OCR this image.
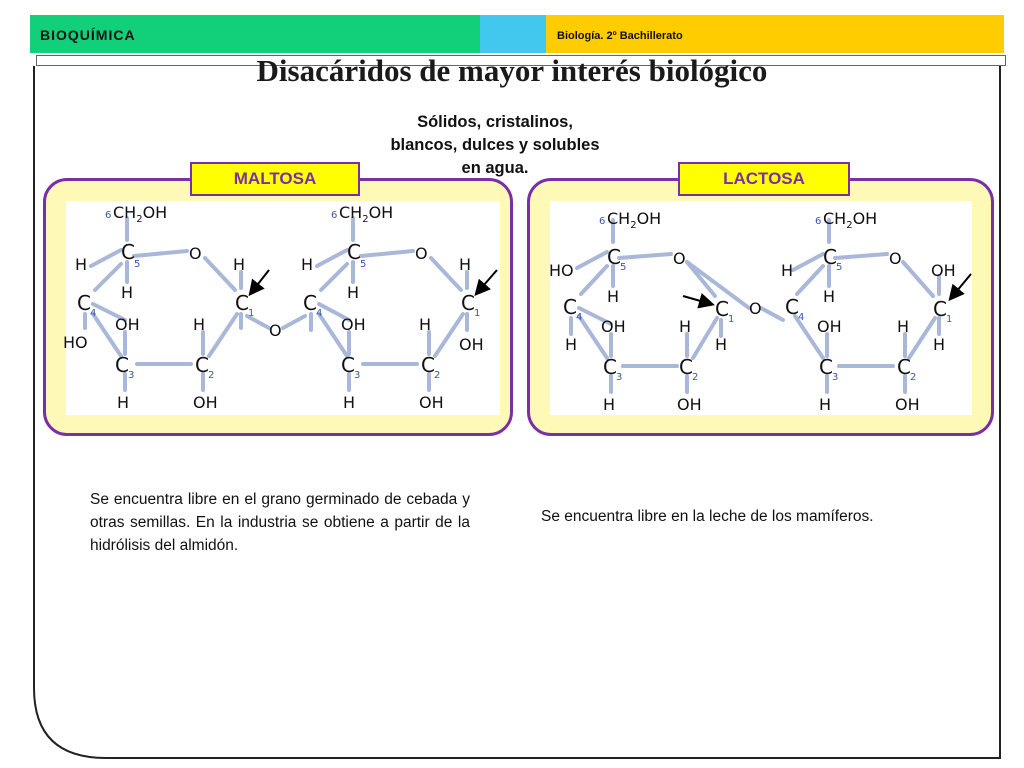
BIOQUÍMICA	Biología. 2º Bachillerato
Disacáridos de mayor interés biológico
Sólidos, cristalinos,
blancos, dulces y solubles
en agua.
6 $CH_2OH$
C
5
O
H	H
H
C 4	C 1
OH	H	O
HO
C 3	C 2
H	OH
6 $CH_2OH$
C
5
O
H	H
H
C 4	C 1
OH	H
OH
C 3	C 2
H	OH
6 $CH_2OH$
C 5	O
HO
H
C 4	C 1
OH	H
O
H	H
C 3	C 2
H	OH
6 $CH_2OH$
C 5	O
H	OH
H
C 4	C 1
OH	H
H
C 3	C 2
H	OH
MALTOSA	LACTOSA
Se encuentra libre en el grano germinado de cebada y otras semillas. En la industria se obtiene a partir de la hidrólisis del almidón.
Se encuentra libre en la leche de los mamíferos.
